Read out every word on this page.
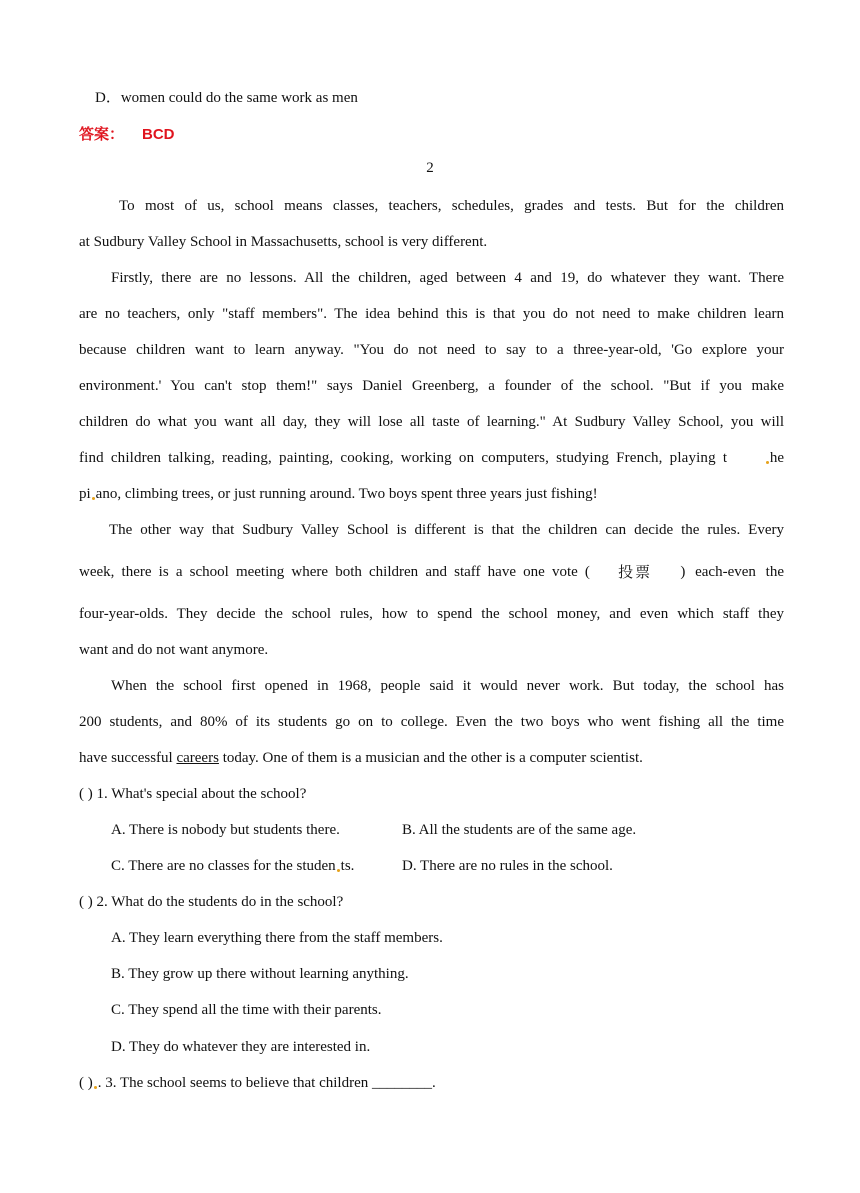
D．women could do the same work as men
答案： BCD
2
To most of us, school means classes, teachers, schedules, grades and tests. But for the children
at Sudbury Valley School in Massachusetts, school is very different.
Firstly, there are no lessons. All the children, aged between 4 and 19, do whatever they want. There
are no teachers, only "staff members". The idea behind this is that you do not need to make children learn
because children want to learn anyway. "You do not need to say to a three-year-old, 'Go explore your
environment.' You can't stop them!" says Daniel Greenberg, a founder of the school. "But if you make
children do what you want all day, they will lose all taste of learning." At Sudbury Valley School, you will
find children talking, reading, painting, cooking, working on computers, studying French, playing t	he
pi ano, climbing trees, or just running around. Two boys spent three years just fishing!
The other way that Sudbury Valley School is different is that the children can decide the rules. Every
week, there is a school meeting where both children and staff have one vote ( 投票 ) each-even the
four-year-olds. They decide the school rules, how to spend the school money, and even which staff they
want and do not want anymore.
When the school first opened in 1968, people said it would never work. But today, the school has
200 students, and 80% of its students go on to college. Even the two boys who went fishing all the time
have successful careers today. One of them is a musician and the other is a computer scientist.
( ) 1. What's special about the school?
A. There is nobody but students there.	B. All the students are of the same age.
C. There are no classes for the studen ts.	D. There are no rules in the school.
( ) 2. What do the students do in the school?
A. They learn everything there from the staff members.
B. They grow up there without learning anything.
C. They spend all the time with their parents.
D. They do whatever they are interested in.
( ) . 3. The school seems to believe that children ________.
